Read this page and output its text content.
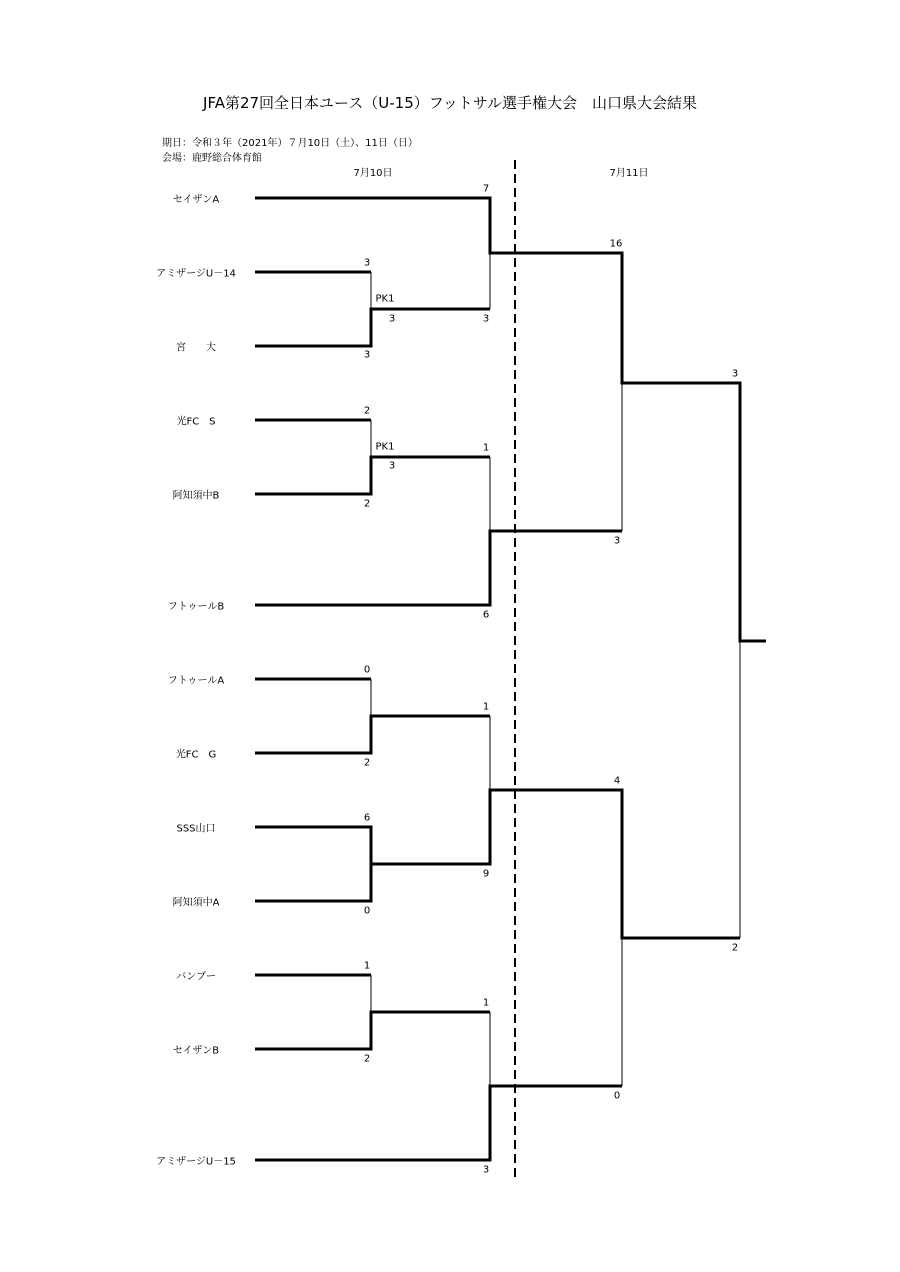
JFA第27回全日本ユース（U-15）フットサル選手権大会　山口県大会結果
期日：令和３年（2021年）７月10日（土）、11日（日）
会場：鹿野総合体育館
7月10日	7月11日
セイザンA
アミザージU－14
宮　　大
光FC　S
阿知須中B
フトゥールB
フトゥールA
光FC　G
SSS山口
阿知須中A
バンブー
セイザンB
アミザージU－15
3
3
PK1
3
2
2
PK1
3
0
2
6
0
1
2
7
3
1
6
1
9
1
3
16
3
4
0
3
2
